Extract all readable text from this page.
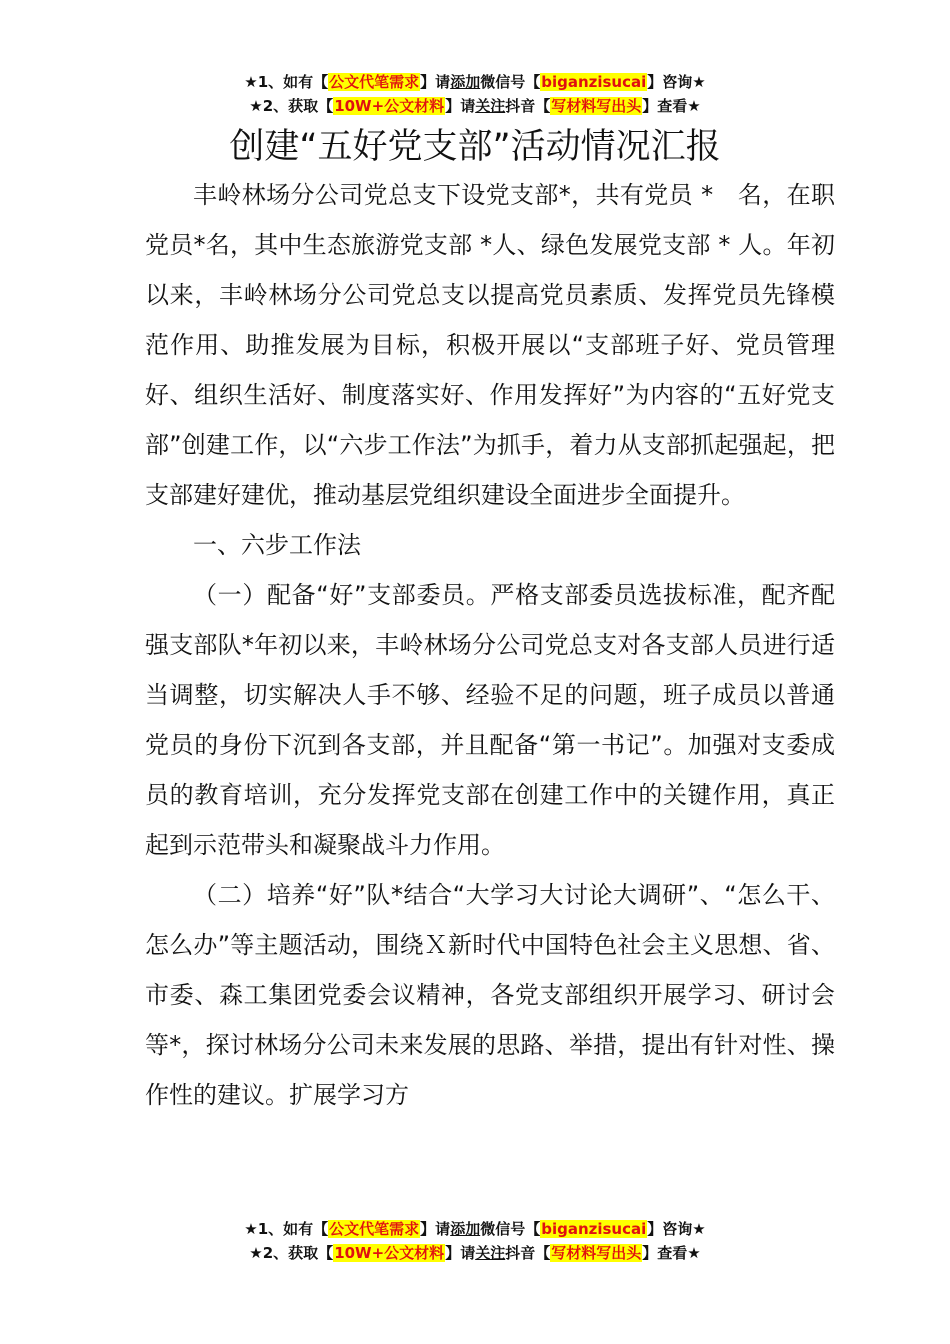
★1、如有【公文代笔需求】请添加微信号【biganzisucai】咨询★
★2、获取【10W+公文材料】请关注抖音【写材料写出头】查看★
创建“五好党支部”活动情况汇报

丰岭林场分公司党总支下设党支部*，共有党员 *　名，在职党员*名，其中生态旅游党支部 *人、绿色发展党支部 * 人。年初以来，丰岭林场分公司党总支以提高党员素质、发挥党员先锋模范作用、助推发展为目标，积极开展以“支部班子好、党员管理好、组织生活好、制度落实好、作用发挥好”为内容的“五好党支部”创建工作，以“六步工作法”为抓手，着力从支部抓起强起，把支部建好建优，推动基层党组织建设全面进步全面提升。

一、六步工作法

（一）配备“好”支部委员。严格支部委员选拔标准，配齐配强支部队*年初以来，丰岭林场分公司党总支对各支部人员进行适当调整，切实解决人手不够、经验不足的问题，班子成员以普通党员的身份下沉到各支部，并且配备“第一书记”。加强对支委成员的教育培训，充分发挥党支部在创建工作中的关键作用，真正起到示范带头和凝聚战斗力作用。

（二）培养“好”队*结合“大学习大讨论大调研”、“怎么干、怎么办”等主题活动，围绕Ｘ新时代中国特色社会主义思想、省、市委、森工集团党委会议精神，各党支部组织开展学习、研讨会等*，探讨林场分公司未来发展的思路、举措，提出有针对性、操作性的建议。扩展学习方

★1、如有【公文代笔需求】请添加微信号【biganzisucai】咨询★
★2、获取【10W+公文材料】请关注抖音【写材料写出头】查看★
